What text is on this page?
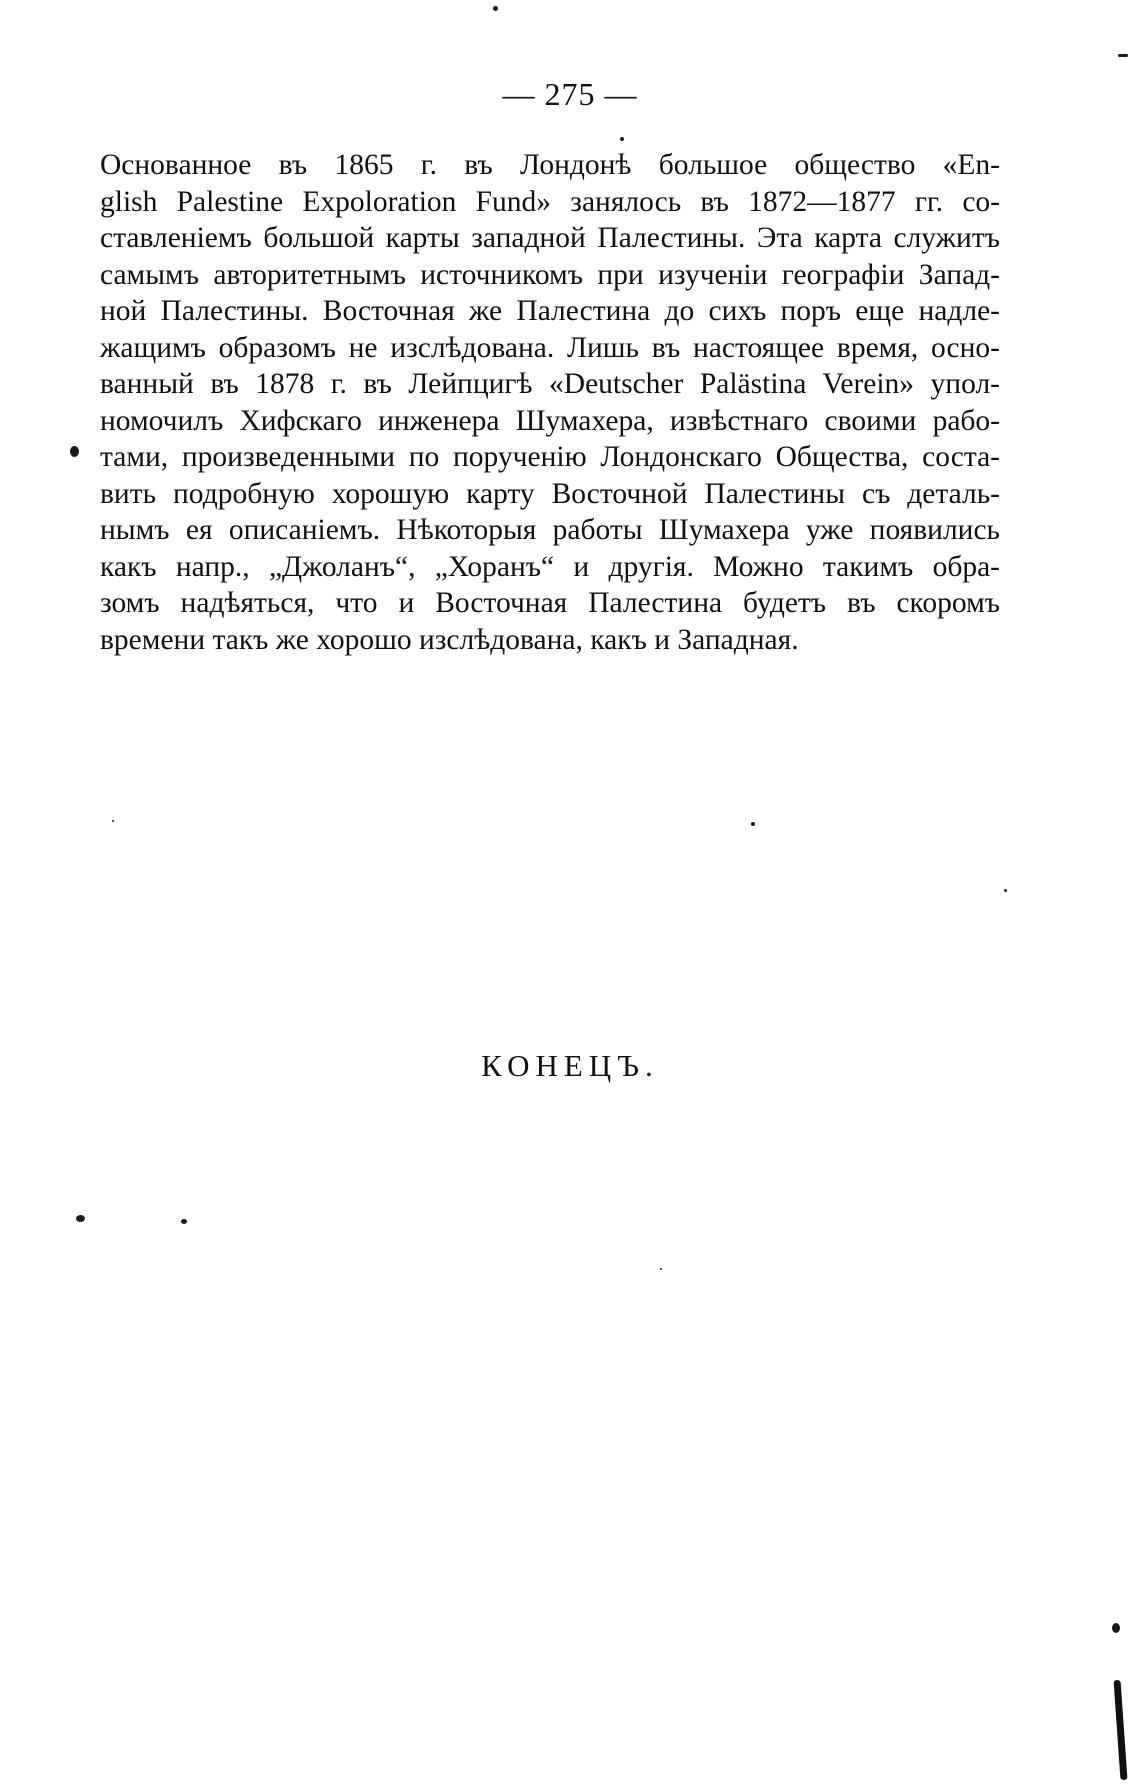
— 275 —
Основанное въ 1865 г. въ Лондонѣ большое общество «En-
glish Palestine Expoloration Fund» занялось въ 1872—1877 гг. со-
ставленіемъ большой карты западной Палестины. Эта карта служитъ
самымъ авторитетнымъ источникомъ при изученіи географіи Запад-
ной Палестины. Восточная же Палестина до сихъ поръ еще надле-
жащимъ образомъ не изслѣдована. Лишь въ настоящее время, осно-
ванный въ 1878 г. въ Лейпцигѣ «Deutscher Palästina Verein» упол-
номочилъ Хифскаго инженера Шумахера, извѣстнаго своими рабо-
тами, произведенными по порученію Лондонскаго Общества, соста-
вить подробную хорошую карту Восточной Палестины съ деталь-
нымъ ея описаніемъ. Нѣкоторыя работы Шумахера уже появились
какъ напр., „Джоланъ“, „Хоранъ“ и другія. Можно такимъ обра-
зомъ надѣяться, что и Восточная Палестина будетъ въ скоромъ
времени такъ же хорошо изслѣдована, какъ и Западная.
КОНЕЦЪ.
